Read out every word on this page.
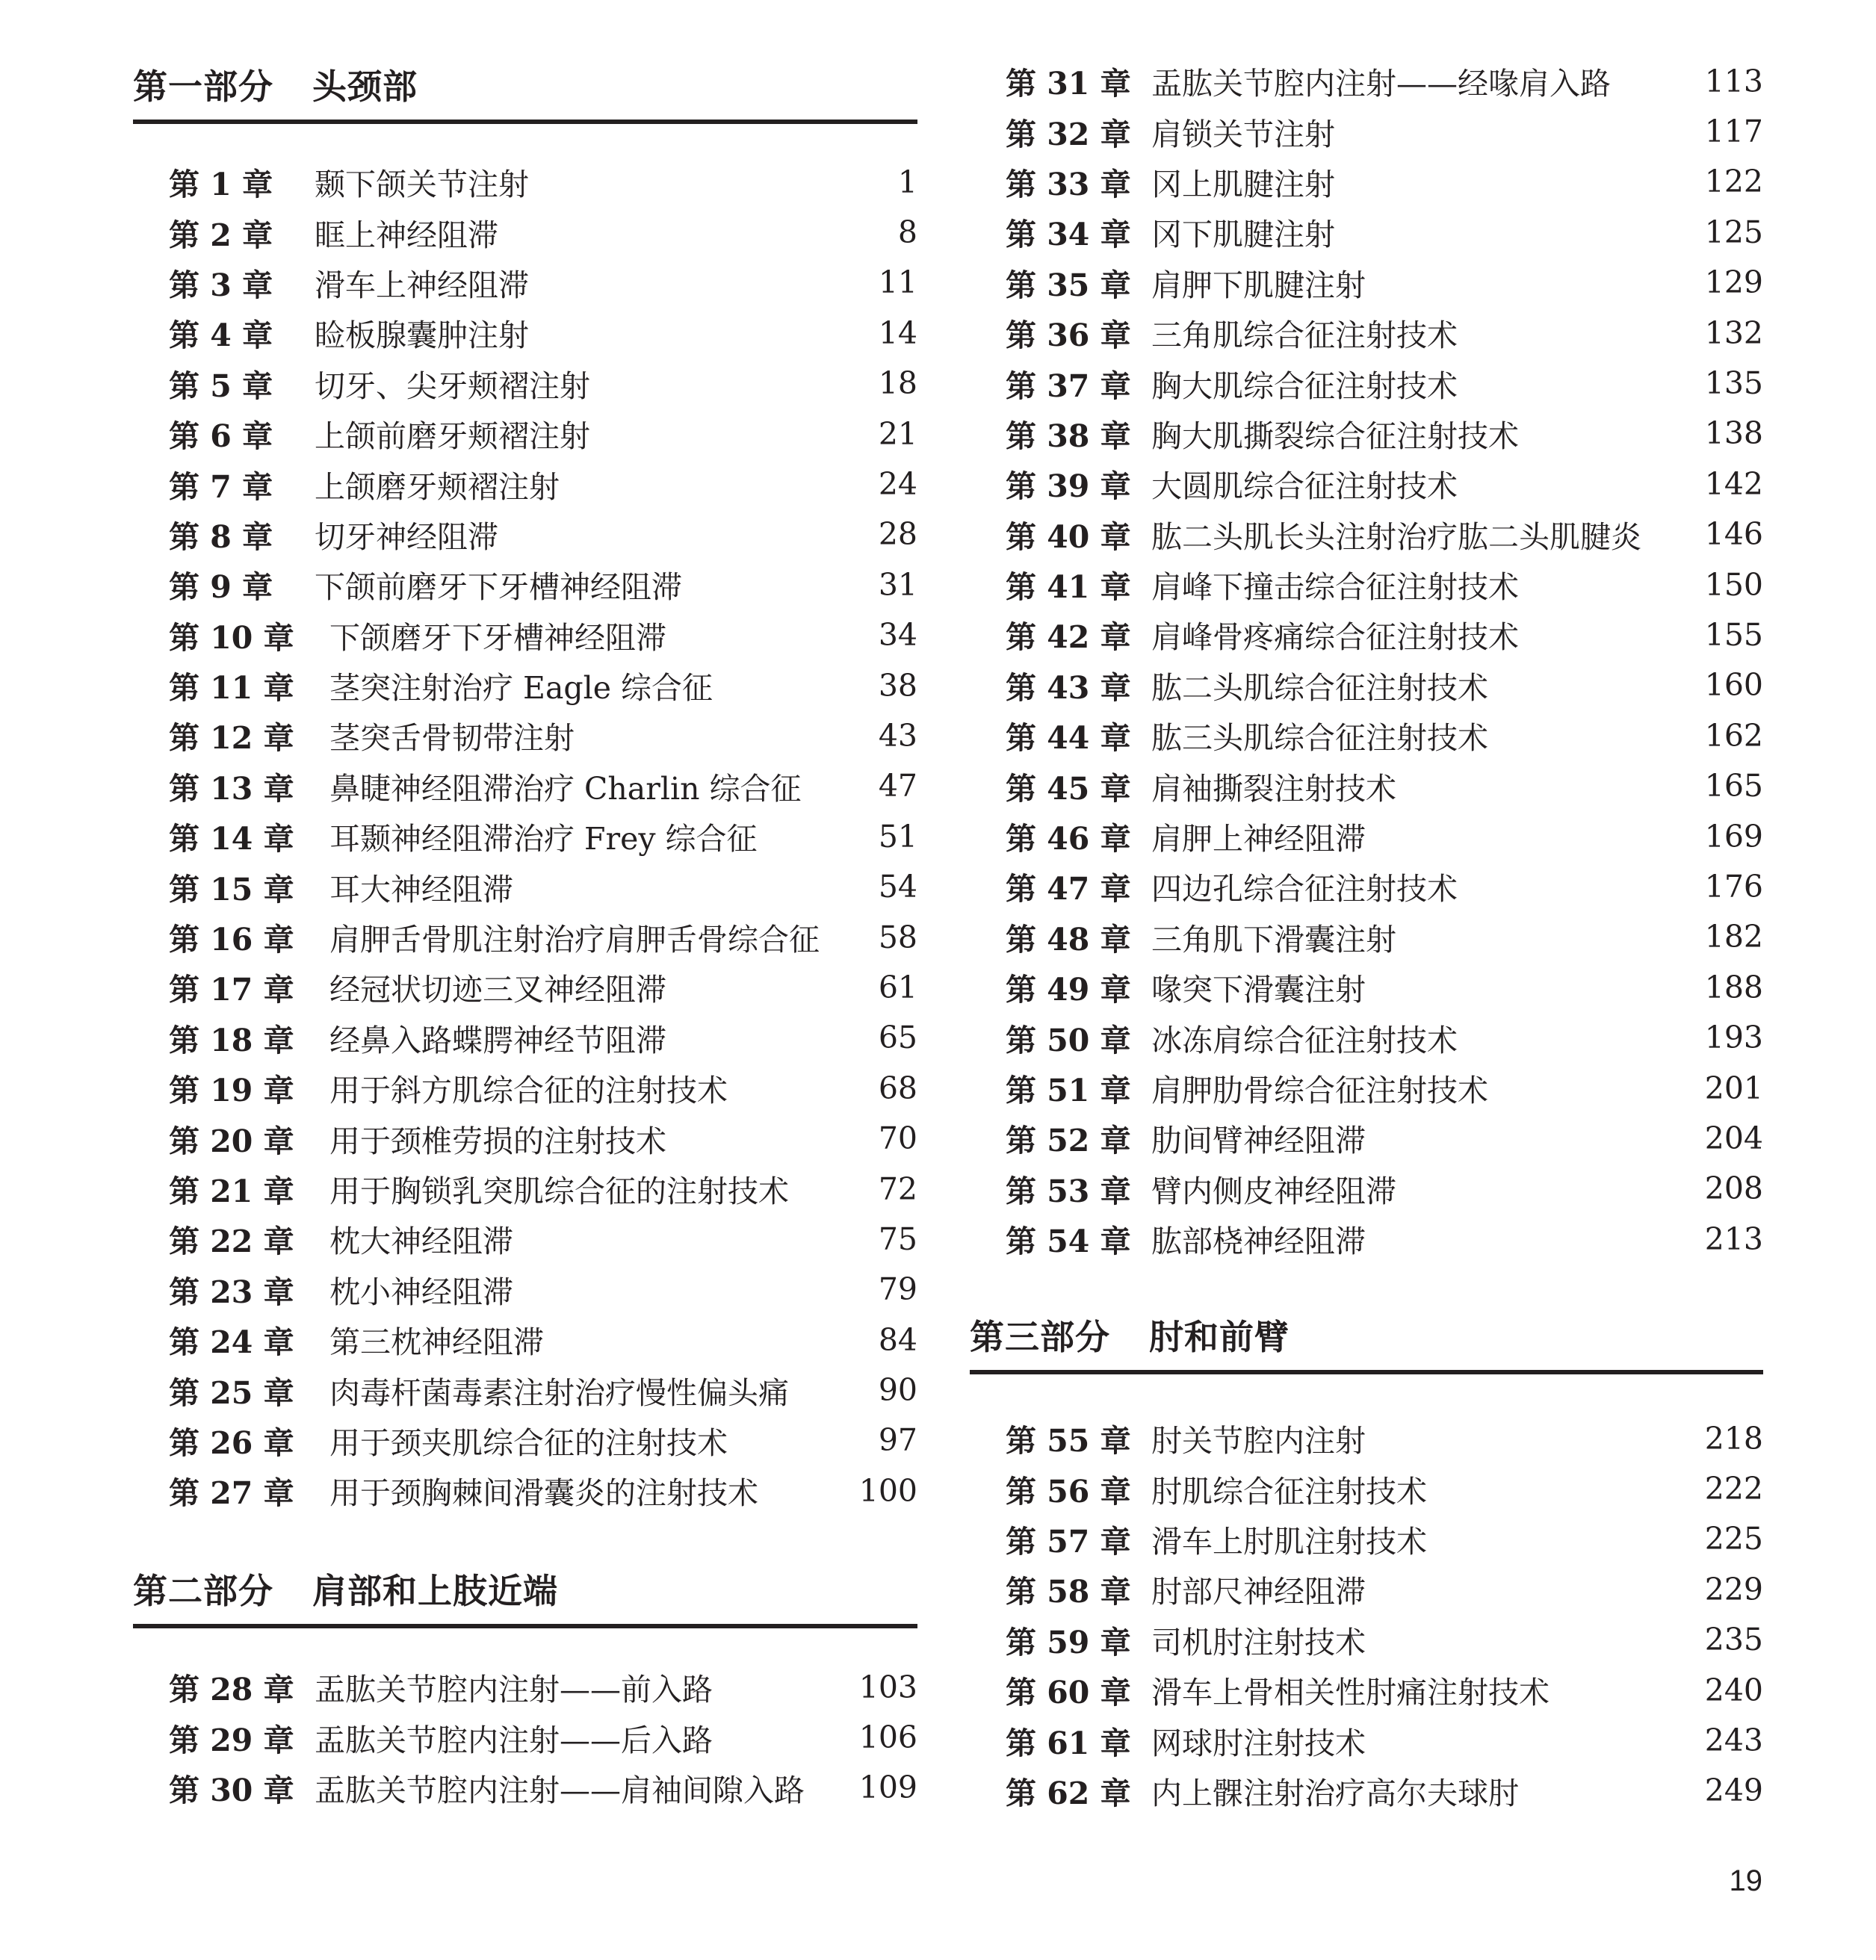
第一部分 头颈部
第 1 章	颞下颌关节注射	1
第 2 章	眶上神经阻滞	8
第 3 章	滑车上神经阻滞	11
第 4 章	睑板腺囊肿注射	14
第 5 章	切牙、尖牙颊褶注射	18
第 6 章	上颌前磨牙颊褶注射	21
第 7 章	上颌磨牙颊褶注射	24
第 8 章	切牙神经阻滞	28
第 9 章	下颌前磨牙下牙槽神经阻滞	31
第 10 章	下颌磨牙下牙槽神经阻滞	34
第 11 章	茎突注射治疗 Eagle 综合征	38
第 12 章	茎突舌骨韧带注射	43
第 13 章	鼻睫神经阻滞治疗 Charlin 综合征	47
第 14 章	耳颞神经阻滞治疗 Frey 综合征	51
第 15 章	耳大神经阻滞	54
第 16 章	肩胛舌骨肌注射治疗肩胛舌骨综合征	58
第 17 章	经冠状切迹三叉神经阻滞	61
第 18 章	经鼻入路蝶腭神经节阻滞	65
第 19 章	用于斜方肌综合征的注射技术	68
第 20 章	用于颈椎劳损的注射技术	70
第 21 章	用于胸锁乳突肌综合征的注射技术	72
第 22 章	枕大神经阻滞	75
第 23 章	枕小神经阻滞	79
第 24 章	第三枕神经阻滞	84
第 25 章	肉毒杆菌毒素注射治疗慢性偏头痛	90
第 26 章	用于颈夹肌综合征的注射技术	97
第 27 章	用于颈胸棘间滑囊炎的注射技术	100
第二部分 肩部和上肢近端
第 28 章 盂肱关节腔内注射——前入路	103
第 29 章 盂肱关节腔内注射——后入路	106
第 30 章 盂肱关节腔内注射——肩袖间隙入路	109
第 31 章 盂肱关节腔内注射——经喙肩入路	113
第 32 章 肩锁关节注射	117
第 33 章 冈上肌腱注射	122
第 34 章 冈下肌腱注射	125
第 35 章 肩胛下肌腱注射	129
第 36 章 三角肌综合征注射技术	132
第 37 章 胸大肌综合征注射技术	135
第 38 章 胸大肌撕裂综合征注射技术	138
第 39 章 大圆肌综合征注射技术	142
第 40 章 肱二头肌长头注射治疗肱二头肌腱炎	146
第 41 章 肩峰下撞击综合征注射技术	150
第 42 章 肩峰骨疼痛综合征注射技术	155
第 43 章 肱二头肌综合征注射技术	160
第 44 章 肱三头肌综合征注射技术	162
第 45 章 肩袖撕裂注射技术	165
第 46 章 肩胛上神经阻滞	169
第 47 章 四边孔综合征注射技术	176
第 48 章 三角肌下滑囊注射	182
第 49 章 喙突下滑囊注射	188
第 50 章 冰冻肩综合征注射技术	193
第 51 章 肩胛肋骨综合征注射技术	201
第 52 章 肋间臂神经阻滞	204
第 53 章 臂内侧皮神经阻滞	208
第 54 章 肱部桡神经阻滞	213
第三部分 肘和前臂
第 55 章 肘关节腔内注射	218
第 56 章 肘肌综合征注射技术	222
第 57 章 滑车上肘肌注射技术	225
第 58 章 肘部尺神经阻滞	229
第 59 章 司机肘注射技术	235
第 60 章 滑车上骨相关性肘痛注射技术	240
第 61 章 网球肘注射技术	243
第 62 章 内上髁注射治疗高尔夫球肘	249
19
